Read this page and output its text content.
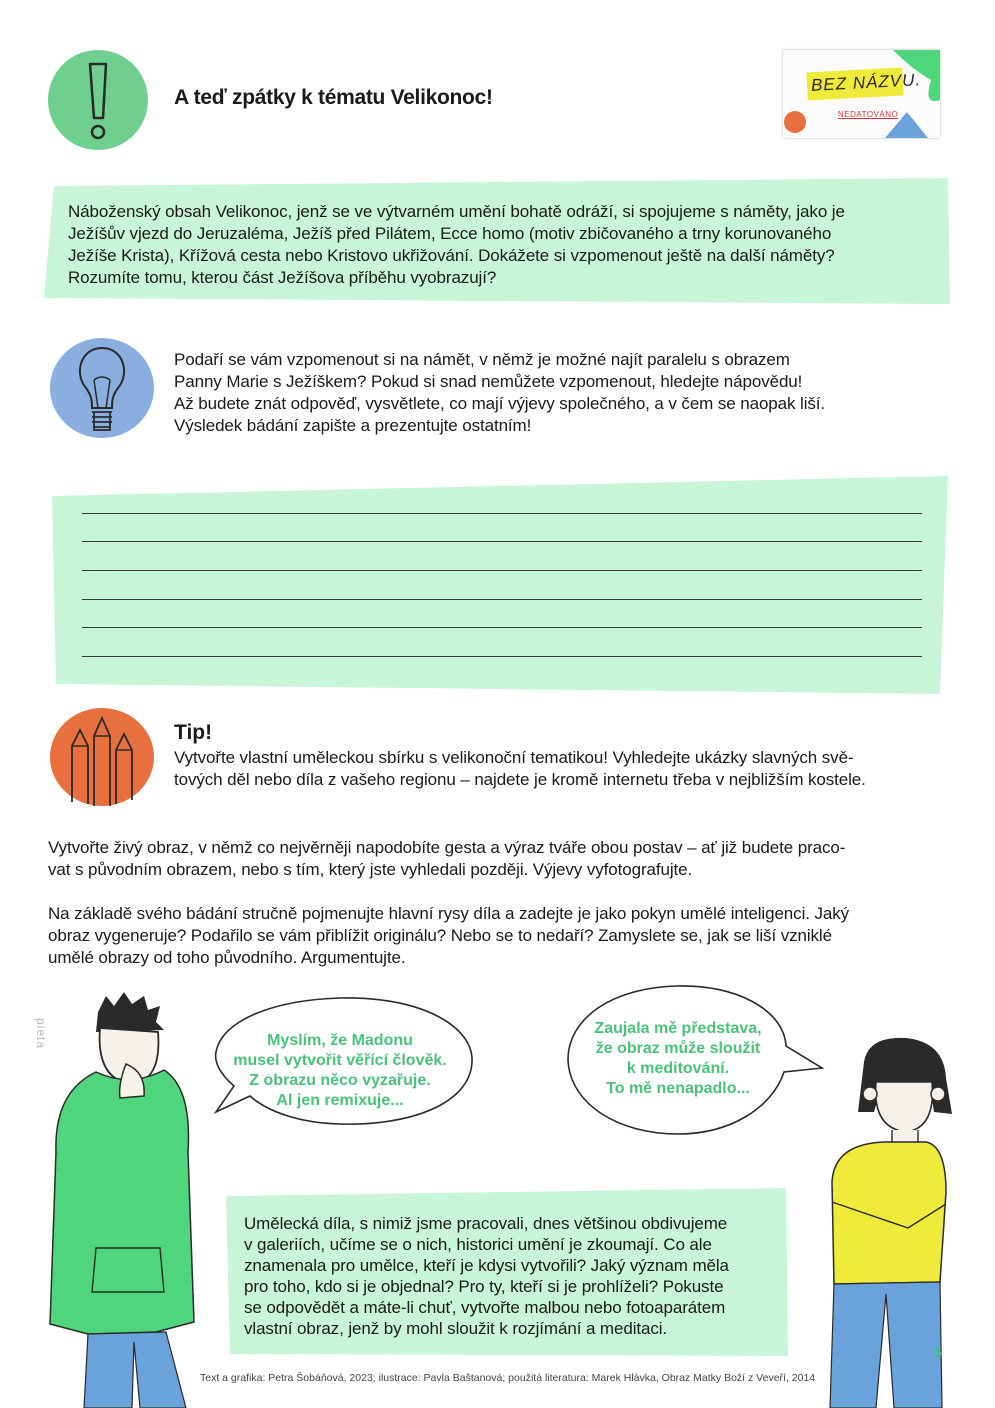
A teď zpátky k tématu Velikonoc!
BEZ NÁZVU.
NEDATOVÁNO
Náboženský obsah Velikonoc, jenž se ve výtvarném umění bohatě odráží, si spojujeme s náměty, jako je
Ježíšův vjezd do Jeruzaléma, Ježíš před Pilátem, Ecce homo (motiv zbičovaného a trny korunovaného
Ježíše Krista), Křížová cesta nebo Kristovo ukřižování. Dokážete si vzpomenout ještě na další náměty?
Rozumíte tomu, kterou část Ježíšova příběhu vyobrazují?
Podaří se vám vzpomenout si na námět, v němž je možné najít paralelu s obrazem
Panny Marie s Ježíškem? Pokud si snad nemůžete vzpomenout, hledejte nápovědu!
Až budete znát odpověď, vysvětlete, co mají výjevy společného, a v čem se naopak liší.
Výsledek bádání zapište a prezentujte ostatním!
Tip!
Vytvořte vlastní uměleckou sbírku s velikonoční tematikou! Vyhledejte ukázky slavných svě-
tových děl nebo díla z vašeho regionu – najdete je kromě internetu třeba v nejbližším kostele.
Vytvořte živý obraz, v němž co nejvěrněji napodobíte gesta a výraz tváře obou postav – ať již budete praco-
vat s původním obrazem, nebo s tím, který jste vyhledali později. Výjevy vyfotografujte.
Na základě svého bádání stručně pojmenujte hlavní rysy díla a zadejte je jako pokyn umělé inteligenci. Jaký
obraz vygeneruje? Podařilo se vám přiblížit originálu? Nebo se to nedaří? Zamyslete se, jak se liší vzniklé
umělé obrazy od toho původního. Argumentujte.
pieta	Myslím, že Madonu
musel vytvořit věřící člověk.
Z obrazu něco vyzařuje.
Al jen remixuje...
Zaujala mě představa,
že obraz může sloužit
k meditování.
To mě nenapadlo...
Umělecká díla, s nimiž jsme pracovali, dnes většinou obdivujeme
v galeriích, učíme se o nich, historici umění je zkoumají. Co ale
znamenala pro umělce, kteří je kdysi vytvořili? Jaký význam měla
pro toho, kdo si je objednal? Pro ty, kteří si je prohlíželi? Pokuste
se odpovědět a máte-li chuť, vytvořte malbou nebo fotoaparátem
vlastní obraz, jenž by mohl sloužit k rozjímání a meditaci.
5
Text a grafika: Petra Šobáňová, 2023; ilustrace: Pavla Baštanová; použitá literatura: Marek Hlávka, Obraz Matky Boží z Veveří, 2014
